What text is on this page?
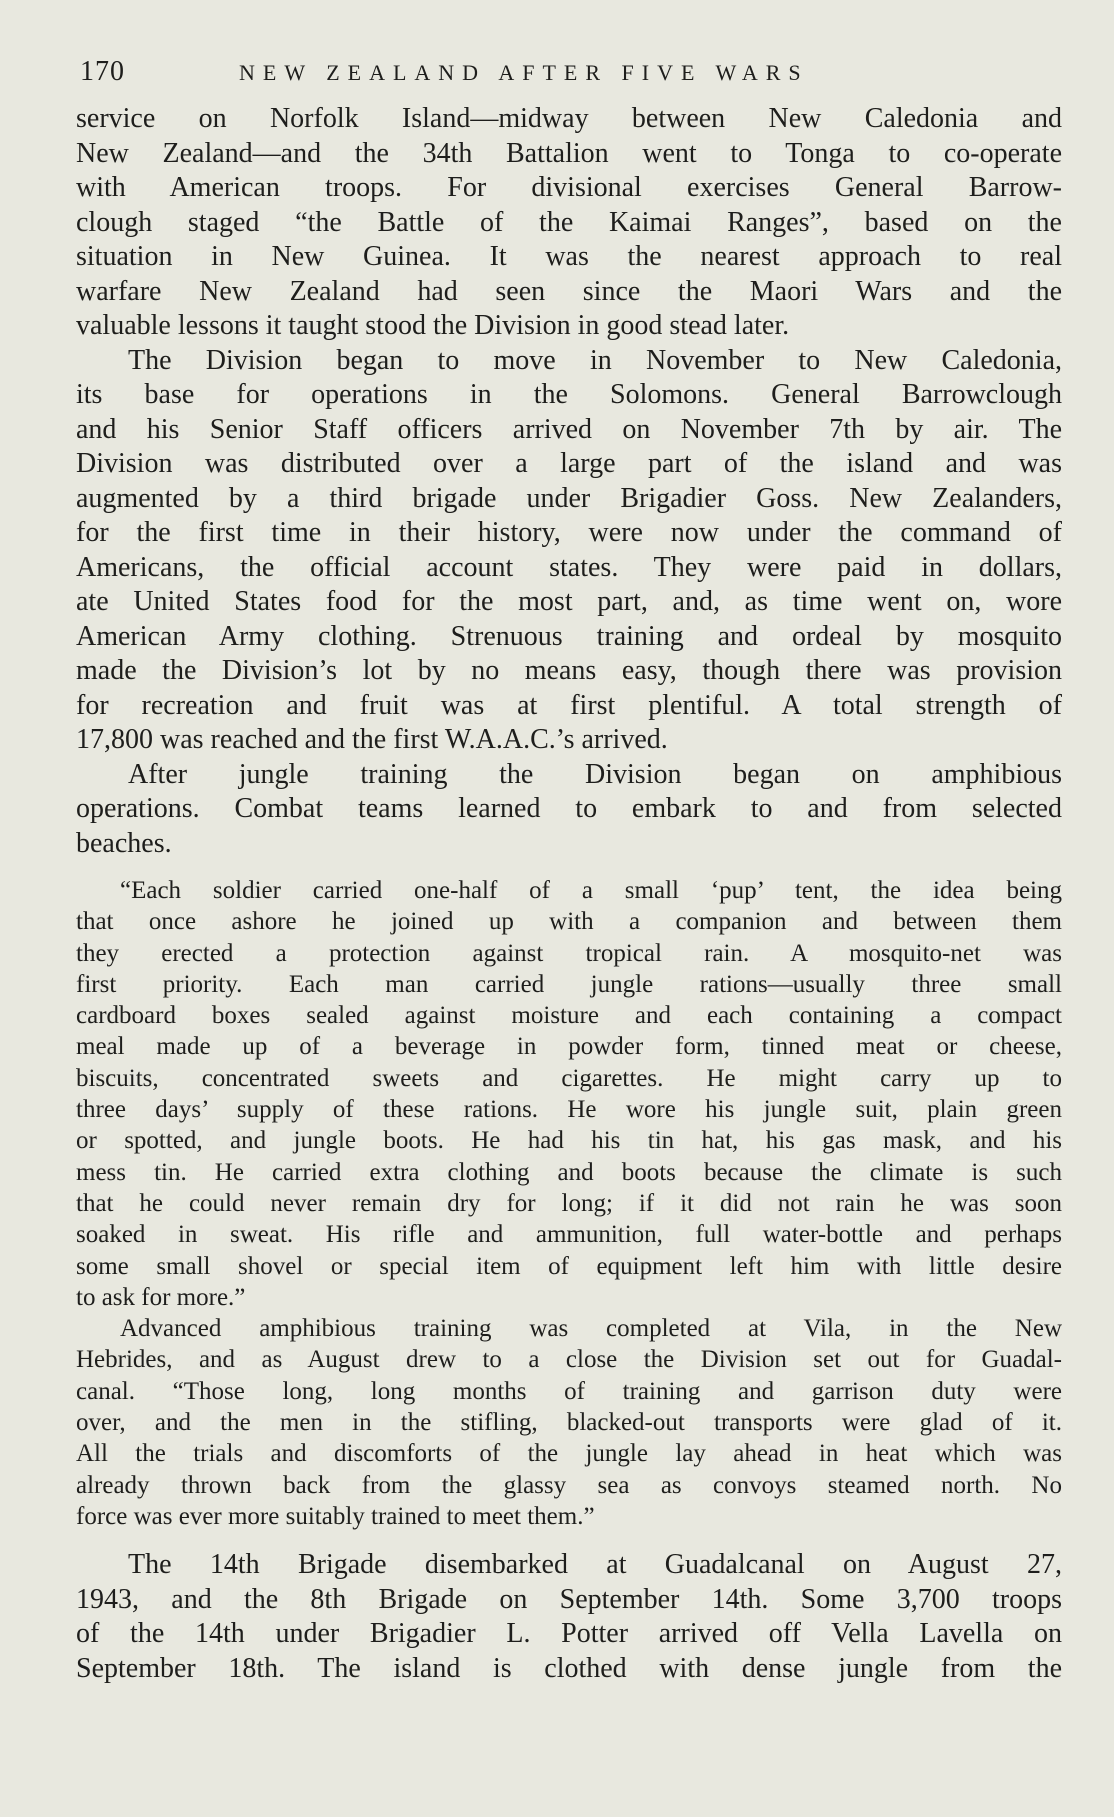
170	NEW ZEALAND AFTER FIVE WARS

service on Norfolk Island—midway between New Caledonia and

New Zealand—and the 34th Battalion went to Tonga to co-operate

with American troops. For divisional exercises General Barrow-

clough staged “the Battle of the Kaimai Ranges”, based on the

situation in New Guinea. It was the nearest approach to real

warfare New Zealand had seen since the Maori Wars and the

valuable lessons it taught stood the Division in good stead later.

The Division began to move in November to New Caledonia,

its base for operations in the Solomons. General Barrowclough

and his Senior Staff officers arrived on November 7th by air. The

Division was distributed over a large part of the island and was

augmented by a third brigade under Brigadier Goss. New Zealanders,

for the first time in their history, were now under the command of

Americans, the official account states. They were paid in dollars,

ate United States food for the most part, and, as time went on, wore

American Army clothing. Strenuous training and ordeal by mosquito

made the Division’s lot by no means easy, though there was provision

for recreation and fruit was at first plentiful. A total strength of

17,800 was reached and the first W.A.A.C.’s arrived.

After jungle training the Division began on amphibious

operations. Combat teams learned to embark to and from selected

beaches.

“Each soldier carried one-half of a small ‘pup’ tent, the idea being

that once ashore he joined up with a companion and between them

they erected a protection against tropical rain. A mosquito-net was

first priority. Each man carried jungle rations—usually three small

cardboard boxes sealed against moisture and each containing a compact

meal made up of a beverage in powder form, tinned meat or cheese,

biscuits, concentrated sweets and cigarettes. He might carry up to

three days’ supply of these rations. He wore his jungle suit, plain green

or spotted, and jungle boots. He had his tin hat, his gas mask, and his

mess tin. He carried extra clothing and boots because the climate is such

that he could never remain dry for long; if it did not rain he was soon

soaked in sweat. His rifle and ammunition, full water-bottle and perhaps

some small shovel or special item of equipment left him with little desire

to ask for more.”

Advanced amphibious training was completed at Vila, in the New

Hebrides, and as August drew to a close the Division set out for Guadal-

canal. “Those long, long months of training and garrison duty were

over, and the men in the stifling, blacked-out transports were glad of it.

All the trials and discomforts of the jungle lay ahead in heat which was

already thrown back from the glassy sea as convoys steamed north. No

force was ever more suitably trained to meet them.”

The 14th Brigade disembarked at Guadalcanal on August 27,

1943, and the 8th Brigade on September 14th. Some 3,700 troops

of the 14th under Brigadier L. Potter arrived off Vella Lavella on

September 18th. The island is clothed with dense jungle from the
